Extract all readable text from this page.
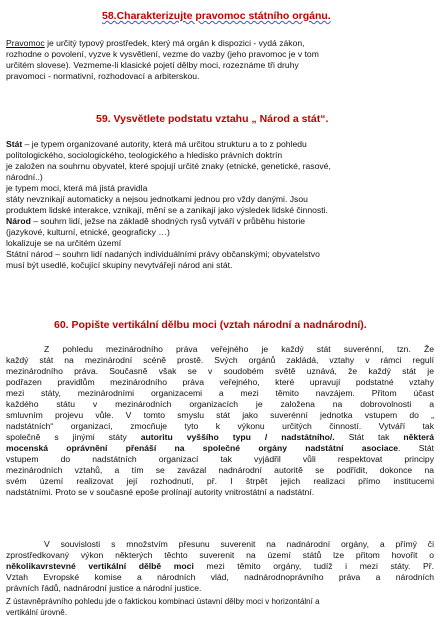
58.Charakterizujte pravomoc státního orgánu.

Pravomoc je určitý typový prostředek, který má orgán k dispozici - vydá zákon,

rozhodne o povolení, vyzve k vysvětlení, vezme do vazby (jeho pravomoc je v tom

určitém slovese). Vezmeme-li klasické pojetí dělby moci, rozeznáme tři druhy

pravomoci - normativní, rozhodovací a arbiterskou.

59. Vysvětlete podstatu vztahu „ Národ a stát“.

Stát – je typem organizované autority, která má určitou strukturu a to z pohledu

politologického, sociologického, teologického a hledisko právních doktrín

je založen na souhrnu obyvatel, které spojují určité znaky (etnické, genetické, rasové,

národní..)

je typem moci, která má jistá pravidla

státy nevznikají automaticky a nejsou jednotkami jednou pro vždy danými. Jsou

produktem lidské interakce, vznikají, mění se a zanikají jako výsledek lidské činnosti.

Národ – souhrn lidí, ježse na základě shodných rysů vytváří v průběhu historie

(jazykové, kulturní, etnické, geograficky …)

lokalizuje se na určitém území

Státní národ – souhrn lidí nadaných individuálními právy občanskými; obyvatelstvo

musí být usedlé, kočující skupiny nevytvářejí národ ani stát.

60. Popište vertikální dělbu moci (vztah národní a nadnárodní).

Z pohledu mezinárodního práva veřejného je každý stát suverénní, tzn. Že

každý stát na mezinárodní scéně prostě. Svých orgánů zakládá, vztahy v rámci regulí

mezinárodního práva. Současně však se v soudobém světě uznává, že každý stát je

podřazen pravidlům mezinárodního práva veřejného, které upravují podstatné vztahy

mezi státy, mezinárodními organizacemi a mezi těmito navzájem. Přitom účast

každého státu v mezinárodních organizacích je založena na dobrovolnosti a

smluvním projevu vůle. V tomto smyslu stát jako suverénní jednotka vstupem do „

nadstátních“ organizací, zmocňuje tyto k výkonu určitých činností. Vytváří tak

společně s jinými státy autoritu vyššího typu / nadstátního/. Stát tak některá

mocenská oprávnění přenáší na společné orgány nadstátní asociace. Stát

vstupem do nadstátních organizací tak vyjádřil vůli respektovat principy

mezinárodních vztahů, a tím se zavázal nadnárodní autoritě se podřídit, dokonce na

svém území realizovat její rozhodnutí, př. I štrpět jejich realizaci přímo institucemi

nadstátními. Proto se v současné epoše prolínají autority vnitrostátní a nadstátní.

V souvislosti s množstvím přesunu suverenit na nadnárodní orgány, a přímý či

zprostředkovaný výkon některých těchto suverenit na území států lze přitom hovořit o

několikavrstevné vertikální dělbě moci mezi těmito orgány, tudíž i mezi státy. Př.

Vztah Evropské komise a národních vlád, nadnárodnoprávního práva a národních

právních řádů, nadnárodní justice a národní justice.

Z ústavněprávního pohledu jde o faktickou kombinaci ústavní dělby moci v horizontální a

vertikální úrovně.
